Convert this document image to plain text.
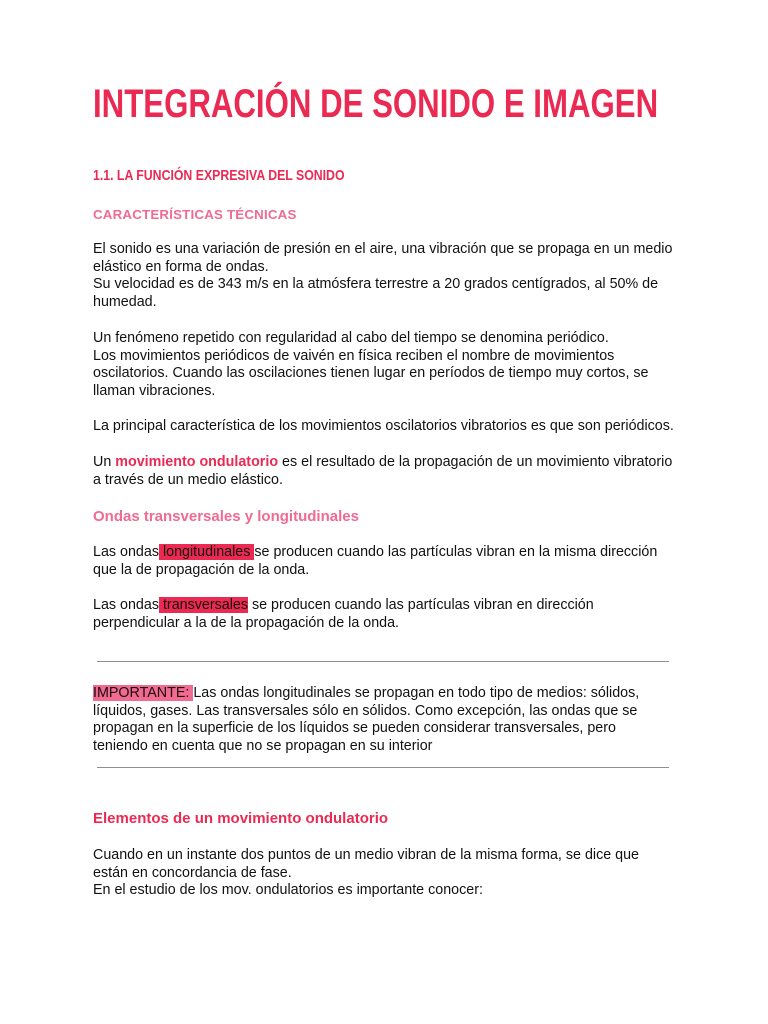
INTEGRACIÓN DE SONIDO E IMAGEN
1.1. LA FUNCIÓN EXPRESIVA DEL SONIDO
CARACTERÍSTICAS TÉCNICAS

El sonido es una variación de presión en el aire, una vibración que se propaga en un medio
elástico en forma de ondas.
Su velocidad es de 343 m/s en la atmósfera terrestre a 20 grados centígrados, al 50% de
humedad.

Un fenómeno repetido con regularidad al cabo del tiempo se denomina periódico.
Los movimientos periódicos de vaivén en física reciben el nombre de movimientos
oscilatorios. Cuando las oscilaciones tienen lugar en períodos de tiempo muy cortos, se
llaman vibraciones.

La principal característica de los movimientos oscilatorios vibratorios es que son periódicos.

Un movimiento ondulatorio es el resultado de la propagación de un movimiento vibratorio
a través de un medio elástico.

Ondas transversales y longitudinales

Las ondas longitudinales se producen cuando las partículas vibran en la misma dirección
que la de propagación de la onda.

Las ondas transversales se producen cuando las partículas vibran en dirección
perpendicular a la de la propagación de la onda.

IMPORTANTE: Las ondas longitudinales se propagan en todo tipo de medios: sólidos,
líquidos, gases. Las transversales sólo en sólidos. Como excepción, las ondas que se
propagan en la superficie de los líquidos se pueden considerar transversales, pero
teniendo en cuenta que no se propagan en su interior

Elementos de un movimiento ondulatorio

Cuando en un instante dos puntos de un medio vibran de la misma forma, se dice que
están en concordancia de fase.
En el estudio de los mov. ondulatorios es importante conocer:
